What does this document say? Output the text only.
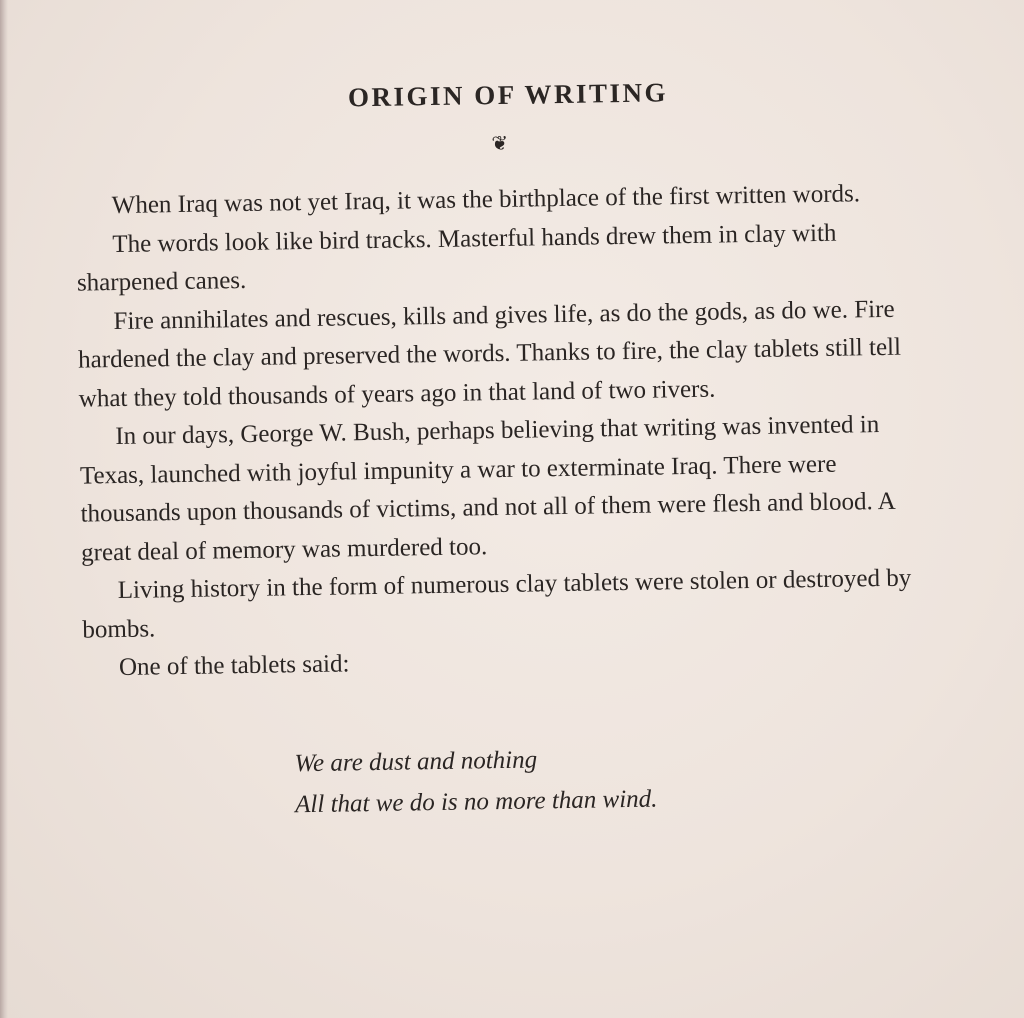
ORIGIN OF WRITING
❦

When Iraq was not yet Iraq, it was the birthplace of the first written words.

The words look like bird tracks. Masterful hands drew them in clay with sharpened canes.

Fire annihilates and rescues, kills and gives life, as do the gods, as do we. Fire hardened the clay and preserved the words. Thanks to fire, the clay tablets still tell what they told thousands of years ago in that land of two rivers.

In our days, George W. Bush, perhaps believing that writing was invented in Texas, launched with joyful impunity a war to exterminate Iraq. There were thousands upon thousands of victims, and not all of them were flesh and blood. A great deal of memory was murdered too.

Living history in the form of numerous clay tablets were stolen or destroyed by bombs.

One of the tablets said:

We are dust and nothing
All that we do is no more than wind.
